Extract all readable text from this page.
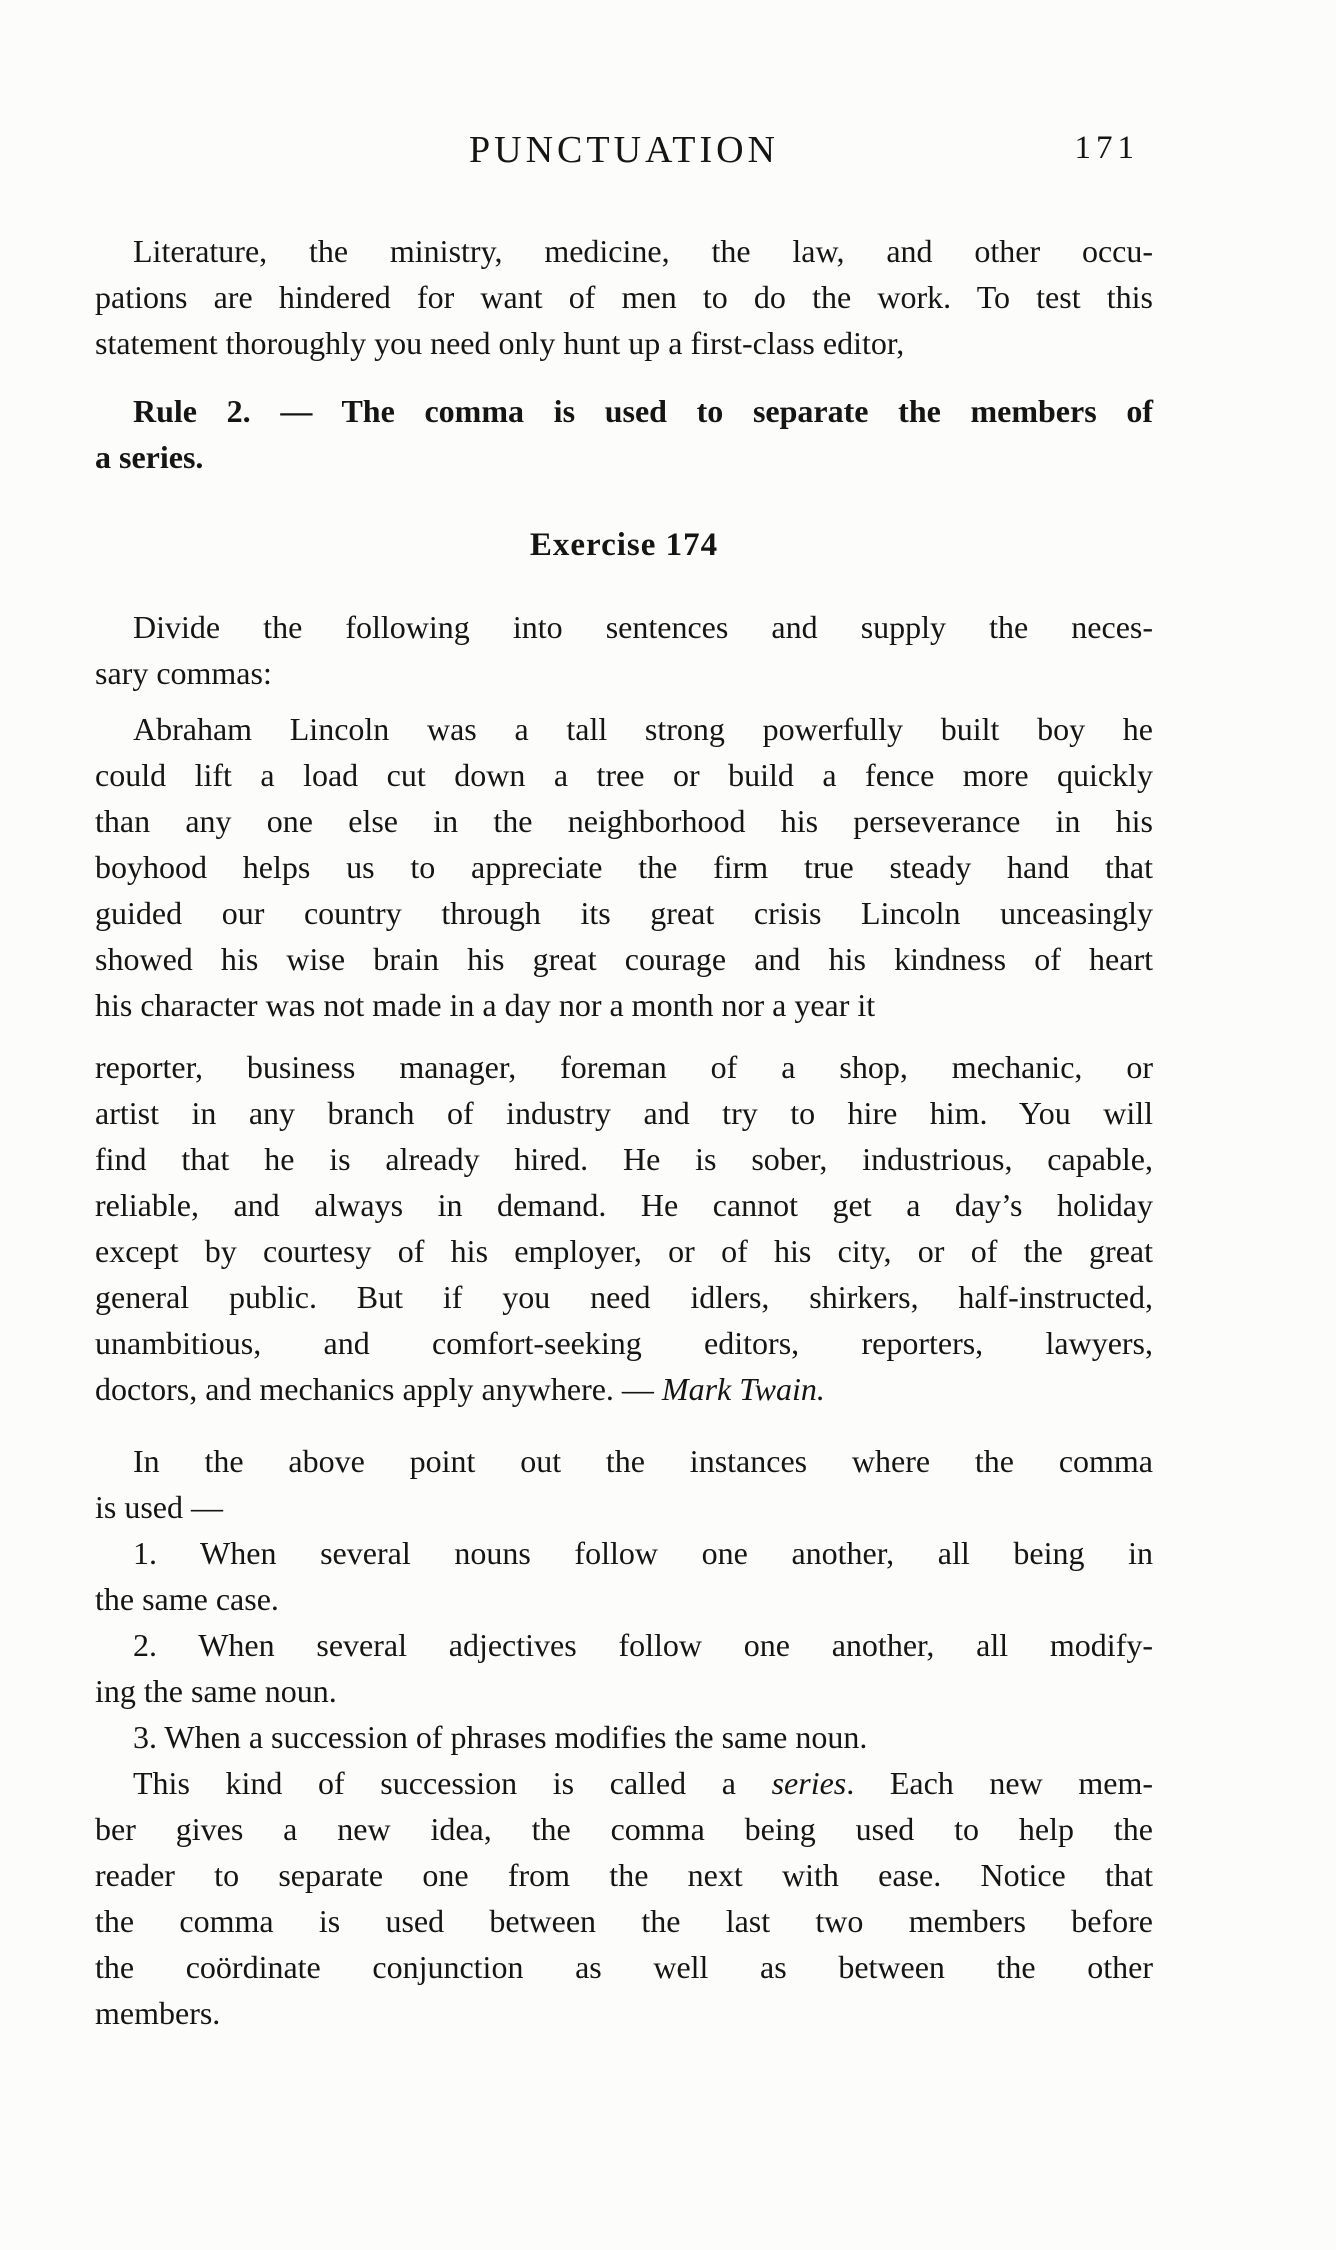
PUNCTUATION	171
Literature, the ministry, medicine, the law, and other occu-
pations are hindered for want of men to do the work. To test this
statement thoroughly you need only hunt up a first-class editor,
Rule 2. — The comma is used to separate the members of
a series.
Exercise 174
Divide the following into sentences and supply the neces-
sary commas:
Abraham Lincoln was a tall strong powerfully built boy he
could lift a load cut down a tree or build a fence more quickly
than any one else in the neighborhood his perseverance in his
boyhood helps us to appreciate the firm true steady hand that
guided our country through its great crisis Lincoln unceasingly
showed his wise brain his great courage and his kindness of heart
his character was not made in a day nor a month nor a year it
reporter, business manager, foreman of a shop, mechanic, or
artist in any branch of industry and try to hire him. You will
find that he is already hired. He is sober, industrious, capable,
reliable, and always in demand. He cannot get a day’s holiday
except by courtesy of his employer, or of his city, or of the great
general public. But if you need idlers, shirkers, half-instructed,
unambitious, and comfort-seeking editors, reporters, lawyers,
doctors, and mechanics apply anywhere. — Mark Twain.
In the above point out the instances where the comma
is used —
1. When several nouns follow one another, all being in
the same case.
2. When several adjectives follow one another, all modify-
ing the same noun.
3. When a succession of phrases modifies the same noun.
This kind of succession is called a series. Each new mem-
ber gives a new idea, the comma being used to help the
reader to separate one from the next with ease. Notice that
the comma is used between the last two members before
the coördinate conjunction as well as between the other
members.
